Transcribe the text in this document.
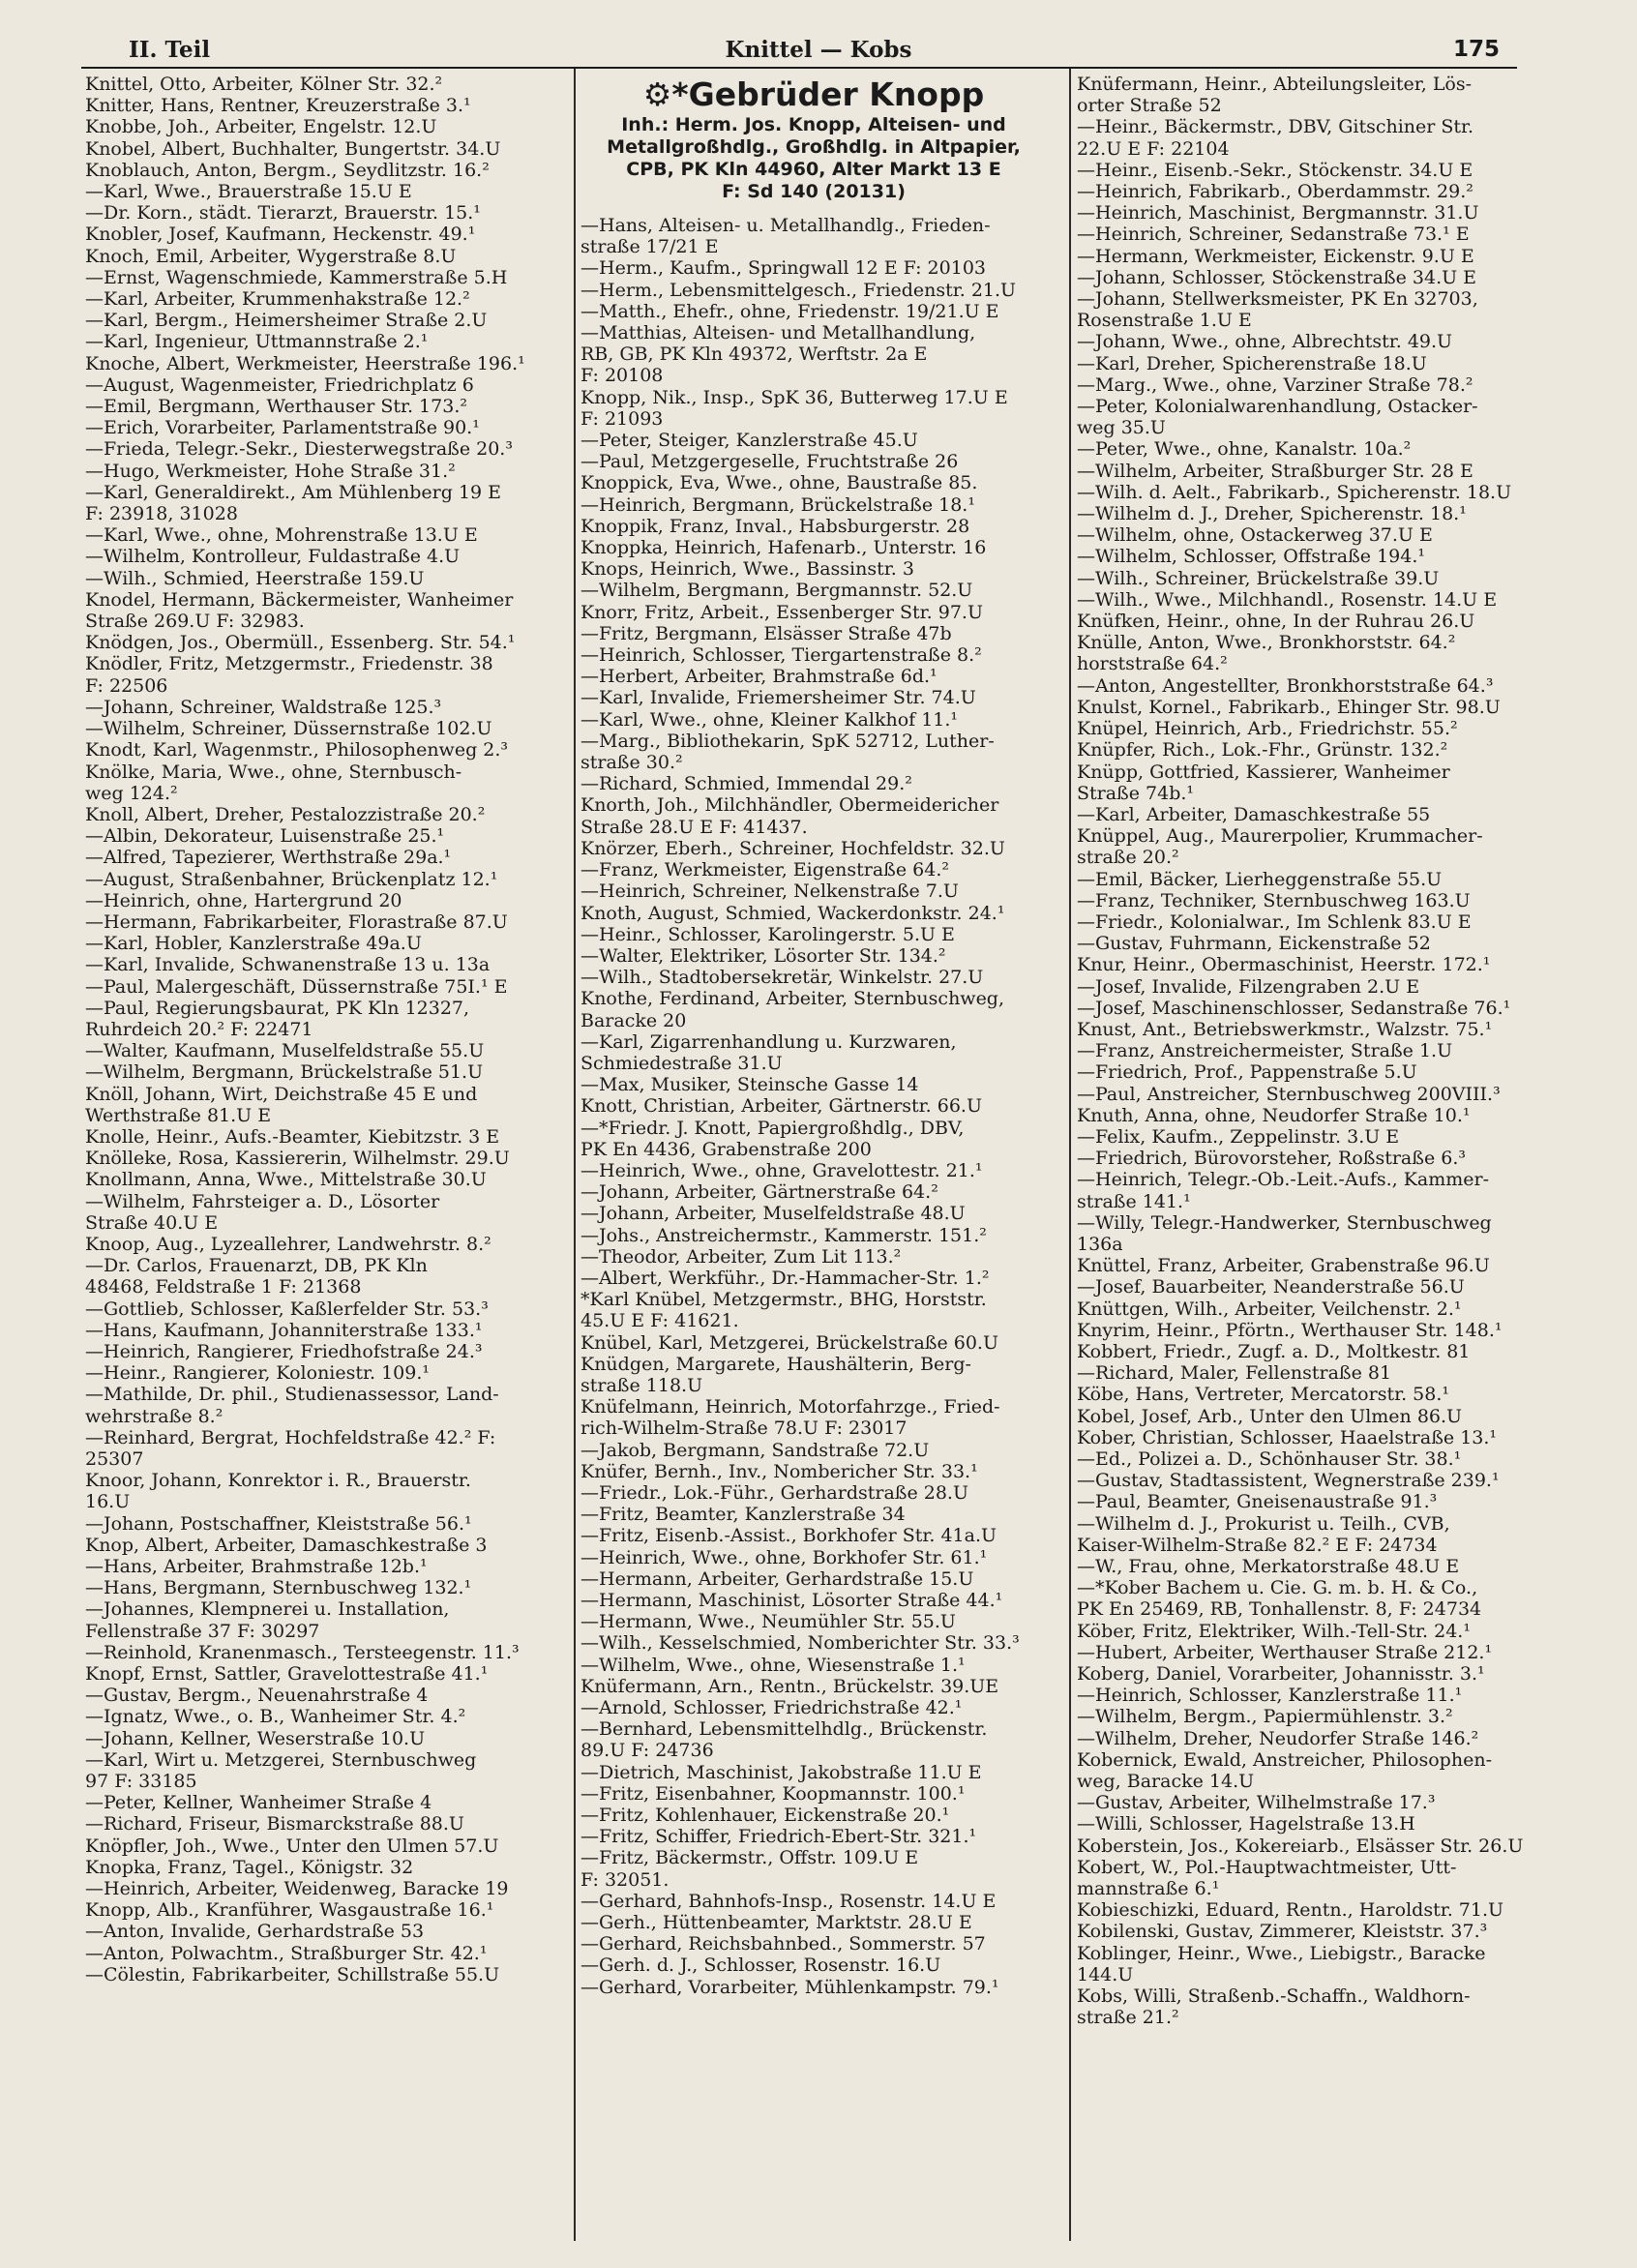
II. Teil	Knittel — Kobs	175
Knittel, Otto, Arbeiter, Kölner Str. 32.²
Knitter, Hans, Rentner, Kreuzerstraße 3.¹
Knobbe, Joh., Arbeiter, Engelstr. 12.U
Knobel, Albert, Buchhalter, Bungertstr. 34.U
Knoblauch, Anton, Bergm., Seydlitzstr. 16.²
—Karl, Wwe., Brauerstraße 15.U E
—Dr. Korn., städt. Tierarzt, Brauerstr. 15.¹
Knobler, Josef, Kaufmann, Heckenstr. 49.¹
Knoch, Emil, Arbeiter, Wygerstraße 8.U
—Ernst, Wagenschmiede, Kammerstraße 5.H
—Karl, Arbeiter, Krummenhakstraße 12.²
—Karl, Bergm., Heimersheimer Straße 2.U
—Karl, Ingenieur, Uttmannstraße 2.¹
Knoche, Albert, Werkmeister, Heerstraße 196.¹
—August, Wagenmeister, Friedrichplatz 6
—Emil, Bergmann, Werthauser Str. 173.²
—Erich, Vorarbeiter, Parlamentstraße 90.¹
—Frieda, Telegr.-Sekr., Diesterwegstraße 20.³
—Hugo, Werkmeister, Hohe Straße 31.²
—Karl, Generaldirekt., Am Mühlenberg 19 E
F: 23918, 31028
—Karl, Wwe., ohne, Mohrenstraße 13.U E
—Wilhelm, Kontrolleur, Fuldastraße 4.U
—Wilh., Schmied, Heerstraße 159.U
Knodel, Hermann, Bäckermeister, Wanheimer
Straße 269.U F: 32983.
Knödgen, Jos., Obermüll., Essenberg. Str. 54.¹
Knödler, Fritz, Metzgermstr., Friedenstr. 38
F: 22506
—Johann, Schreiner, Waldstraße 125.³
—Wilhelm, Schreiner, Düssernstraße 102.U
Knodt, Karl, Wagenmstr., Philosophenweg 2.³
Knölke, Maria, Wwe., ohne, Sternbusch-
weg 124.²
Knoll, Albert, Dreher, Pestalozzistraße 20.²
—Albin, Dekorateur, Luisenstraße 25.¹
—Alfred, Tapezierer, Werthstraße 29a.¹
—August, Straßenbahner, Brückenplatz 12.¹
—Heinrich, ohne, Hartergrund 20
—Hermann, Fabrikarbeiter, Florastraße 87.U
—Karl, Hobler, Kanzlerstraße 49a.U
—Karl, Invalide, Schwanenstraße 13 u. 13a
—Paul, Malergeschäft, Düssernstraße 75I.¹ E
—Paul, Regierungsbaurat, PK Kln 12327,
Ruhrdeich 20.² F: 22471
—Walter, Kaufmann, Muselfeldstraße 55.U
—Wilhelm, Bergmann, Brückelstraße 51.U
Knöll, Johann, Wirt, Deichstraße 45 E und
Werthstraße 81.U E
Knolle, Heinr., Aufs.-Beamter, Kiebitzstr. 3 E
Knölleke, Rosa, Kassiererin, Wilhelmstr. 29.U
Knollmann, Anna, Wwe., Mittelstraße 30.U
—Wilhelm, Fahrsteiger a. D., Lösorter
Straße 40.U E
Knoop, Aug., Lyzeallehrer, Landwehrstr. 8.²
—Dr. Carlos, Frauenarzt, DB, PK Kln
48468, Feldstraße 1 F: 21368
—Gottlieb, Schlosser, Kaßlerfelder Str. 53.³
—Hans, Kaufmann, Johanniterstraße 133.¹
—Heinrich, Rangierer, Friedhofstraße 24.³
—Heinr., Rangierer, Koloniestr. 109.¹
—Mathilde, Dr. phil., Studienassessor, Land-
wehrstraße 8.²
—Reinhard, Bergrat, Hochfeldstraße 42.² F:
25307
Knoor, Johann, Konrektor i. R., Brauerstr.
16.U
—Johann, Postschaffner, Kleiststraße 56.¹
Knop, Albert, Arbeiter, Damaschkestraße 3
—Hans, Arbeiter, Brahmstraße 12b.¹
—Hans, Bergmann, Sternbuschweg 132.¹
—Johannes, Klempnerei u. Installation,
Fellenstraße 37 F: 30297
—Reinhold, Kranenmasch., Tersteegenstr. 11.³
Knopf, Ernst, Sattler, Gravelottestraße 41.¹
—Gustav, Bergm., Neuenahrstraße 4
—Ignatz, Wwe., o. B., Wanheimer Str. 4.²
—Johann, Kellner, Weserstraße 10.U
—Karl, Wirt u. Metzgerei, Sternbuschweg
97 F: 33185
—Peter, Kellner, Wanheimer Straße 4
—Richard, Friseur, Bismarckstraße 88.U
Knöpfler, Joh., Wwe., Unter den Ulmen 57.U
Knopka, Franz, Tagel., Königstr. 32
—Heinrich, Arbeiter, Weidenweg, Baracke 19
Knopp, Alb., Kranführer, Wasgaustraße 16.¹
—Anton, Invalide, Gerhardstraße 53
—Anton, Polwachtm., Straßburger Str. 42.¹
—Cölestin, Fabrikarbeiter, Schillstraße 55.U
⚙*Gebrüder Knopp
Inh.: Herm. Jos. Knopp, Alteisen- und
Metallgroßhdlg., Großhdlg. in Altpapier,
CPB, PK Kln 44960, Alter Markt 13 E
F: Sd 140 (20131)
—Hans, Alteisen- u. Metallhandlg., Frieden-
straße 17/21 E
—Herm., Kaufm., Springwall 12 E F: 20103
—Herm., Lebensmittelgesch., Friedenstr. 21.U
—Matth., Ehefr., ohne, Friedenstr. 19/21.U E
—Matthias, Alteisen- und Metallhandlung,
RB, GB, PK Kln 49372, Werftstr. 2a E
F: 20108
Knopp, Nik., Insp., SpK 36, Butterweg 17.U E
F: 21093
—Peter, Steiger, Kanzlerstraße 45.U
—Paul, Metzgergeselle, Fruchtstraße 26
Knoppick, Eva, Wwe., ohne, Baustraße 85.
—Heinrich, Bergmann, Brückelstraße 18.¹
Knoppik, Franz, Inval., Habsburgerstr. 28
Knoppka, Heinrich, Hafenarb., Unterstr. 16
Knops, Heinrich, Wwe., Bassinstr. 3
—Wilhelm, Bergmann, Bergmannstr. 52.U
Knorr, Fritz, Arbeit., Essenberger Str. 97.U
—Fritz, Bergmann, Elsässer Straße 47b
—Heinrich, Schlosser, Tiergartenstraße 8.²
—Herbert, Arbeiter, Brahmstraße 6d.¹
—Karl, Invalide, Friemersheimer Str. 74.U
—Karl, Wwe., ohne, Kleiner Kalkhof 11.¹
—Marg., Bibliothekarin, SpK 52712, Luther-
straße 30.²
—Richard, Schmied, Immendal 29.²
Knorth, Joh., Milchhändler, Obermeidericher
Straße 28.U E F: 41437.
Knörzer, Eberh., Schreiner, Hochfeldstr. 32.U
—Franz, Werkmeister, Eigenstraße 64.²
—Heinrich, Schreiner, Nelkenstraße 7.U
Knoth, August, Schmied, Wackerdonkstr. 24.¹
—Heinr., Schlosser, Karolingerstr. 5.U E
—Walter, Elektriker, Lösorter Str. 134.²
—Wilh., Stadtobersekretär, Winkelstr. 27.U
Knothe, Ferdinand, Arbeiter, Sternbuschweg,
Baracke 20
—Karl, Zigarrenhandlung u. Kurzwaren,
Schmiedestraße 31.U
—Max, Musiker, Steinsche Gasse 14
Knott, Christian, Arbeiter, Gärtnerstr. 66.U
—*Friedr. J. Knott, Papiergroßhdlg., DBV,
PK En 4436, Grabenstraße 200
—Heinrich, Wwe., ohne, Gravelottestr. 21.¹
—Johann, Arbeiter, Gärtnerstraße 64.²
—Johann, Arbeiter, Muselfeldstraße 48.U
—Johs., Anstreichermstr., Kammerstr. 151.²
—Theodor, Arbeiter, Zum Lit 113.²
—Albert, Werkführ., Dr.-Hammacher-Str. 1.²
*Karl Knübel, Metzgermstr., BHG, Horststr.
45.U E F: 41621.
Knübel, Karl, Metzgerei, Brückelstraße 60.U
Knüdgen, Margarete, Haushälterin, Berg-
straße 118.U
Knüfelmann, Heinrich, Motorfahrzge., Fried-
rich-Wilhelm-Straße 78.U F: 23017
—Jakob, Bergmann, Sandstraße 72.U
Knüfer, Bernh., Inv., Nombericher Str. 33.¹
—Friedr., Lok.-Führ., Gerhardstraße 28.U
—Fritz, Beamter, Kanzlerstraße 34
—Fritz, Eisenb.-Assist., Borkhofer Str. 41a.U
—Heinrich, Wwe., ohne, Borkhofer Str. 61.¹
—Hermann, Arbeiter, Gerhardstraße 15.U
—Hermann, Maschinist, Lösorter Straße 44.¹
—Hermann, Wwe., Neumühler Str. 55.U
—Wilh., Kesselschmied, Nomberichter Str. 33.³
—Wilhelm, Wwe., ohne, Wiesenstraße 1.¹
Knüfermann, Arn., Rentn., Brückelstr. 39.UE
—Arnold, Schlosser, Friedrichstraße 42.¹
—Bernhard, Lebensmittelhdlg., Brückenstr.
89.U F: 24736
—Dietrich, Maschinist, Jakobstraße 11.U E
—Fritz, Eisenbahner, Koopmannstr. 100.¹
—Fritz, Kohlenhauer, Eickenstraße 20.¹
—Fritz, Schiffer, Friedrich-Ebert-Str. 321.¹
—Fritz, Bäckermstr., Offstr. 109.U E
F: 32051.
—Gerhard, Bahnhofs-Insp., Rosenstr. 14.U E
—Gerh., Hüttenbeamter, Marktstr. 28.U E
—Gerhard, Reichsbahnbed., Sommerstr. 57
—Gerh. d. J., Schlosser, Rosenstr. 16.U
—Gerhard, Vorarbeiter, Mühlenkampstr. 79.¹
Knüfermann, Heinr., Abteilungsleiter, Lös-
orter Straße 52
—Heinr., Bäckermstr., DBV, Gitschiner Str.
22.U E F: 22104
—Heinr., Eisenb.-Sekr., Stöckenstr. 34.U E
—Heinrich, Fabrikarb., Oberdammstr. 29.²
—Heinrich, Maschinist, Bergmannstr. 31.U
—Heinrich, Schreiner, Sedanstraße 73.¹ E
—Hermann, Werkmeister, Eickenstr. 9.U E
—Johann, Schlosser, Stöckenstraße 34.U E
—Johann, Stellwerksmeister, PK En 32703,
Rosenstraße 1.U E
—Johann, Wwe., ohne, Albrechtstr. 49.U
—Karl, Dreher, Spicherenstraße 18.U
—Marg., Wwe., ohne, Varziner Straße 78.²
—Peter, Kolonialwarenhandlung, Ostacker-
weg 35.U
—Peter, Wwe., ohne, Kanalstr. 10a.²
—Wilhelm, Arbeiter, Straßburger Str. 28 E
—Wilh. d. Aelt., Fabrikarb., Spicherenstr. 18.U
—Wilhelm d. J., Dreher, Spicherenstr. 18.¹
—Wilhelm, ohne, Ostackerweg 37.U E
—Wilhelm, Schlosser, Offstraße 194.¹
—Wilh., Schreiner, Brückelstraße 39.U
—Wilh., Wwe., Milchhandl., Rosenstr. 14.U E
Knüfken, Heinr., ohne, In der Ruhrau 26.U
Knülle, Anton, Wwe., Bronkhorststr. 64.²
horststraße 64.²
—Anton, Angestellter, Bronkhorststraße 64.³
Knulst, Kornel., Fabrikarb., Ehinger Str. 98.U
Knüpel, Heinrich, Arb., Friedrichstr. 55.²
Knüpfer, Rich., Lok.-Fhr., Grünstr. 132.²
Knüpp, Gottfried, Kassierer, Wanheimer
Straße 74b.¹
—Karl, Arbeiter, Damaschkestraße 55
Knüppel, Aug., Maurerpolier, Krummacher-
straße 20.²
—Emil, Bäcker, Lierheggenstraße 55.U
—Franz, Techniker, Sternbuschweg 163.U
—Friedr., Kolonialwar., Im Schlenk 83.U E
—Gustav, Fuhrmann, Eickenstraße 52
Knur, Heinr., Obermaschinist, Heerstr. 172.¹
—Josef, Invalide, Filzengraben 2.U E
—Josef, Maschinenschlosser, Sedanstraße 76.¹
Knust, Ant., Betriebswerkmstr., Walzstr. 75.¹
—Franz, Anstreichermeister, Straße 1.U
—Friedrich, Prof., Pappenstraße 5.U
—Paul, Anstreicher, Sternbuschweg 200VIII.³
Knuth, Anna, ohne, Neudorfer Straße 10.¹
—Felix, Kaufm., Zeppelinstr. 3.U E
—Friedrich, Bürovorsteher, Roßstraße 6.³
—Heinrich, Telegr.-Ob.-Leit.-Aufs., Kammer-
straße 141.¹
—Willy, Telegr.-Handwerker, Sternbuschweg
136a
Knüttel, Franz, Arbeiter, Grabenstraße 96.U
—Josef, Bauarbeiter, Neanderstraße 56.U
Knüttgen, Wilh., Arbeiter, Veilchenstr. 2.¹
Knyrim, Heinr., Pförtn., Werthauser Str. 148.¹
Kobbert, Friedr., Zugf. a. D., Moltkestr. 81
—Richard, Maler, Fellenstraße 81
Köbe, Hans, Vertreter, Mercatorstr. 58.¹
Kobel, Josef, Arb., Unter den Ulmen 86.U
Kober, Christian, Schlosser, Haaelstraße 13.¹
—Ed., Polizei a. D., Schönhauser Str. 38.¹
—Gustav, Stadtassistent, Wegnerstraße 239.¹
—Paul, Beamter, Gneisenaustraße 91.³
—Wilhelm d. J., Prokurist u. Teilh., CVB,
Kaiser-Wilhelm-Straße 82.² E F: 24734
—W., Frau, ohne, Merkatorstraße 48.U E
—*Kober Bachem u. Cie. G. m. b. H. & Co.,
PK En 25469, RB, Tonhallenstr. 8, F: 24734
Köber, Fritz, Elektriker, Wilh.-Tell-Str. 24.¹
—Hubert, Arbeiter, Werthauser Straße 212.¹
Koberg, Daniel, Vorarbeiter, Johannisstr. 3.¹
—Heinrich, Schlosser, Kanzlerstraße 11.¹
—Wilhelm, Bergm., Papiermühlenstr. 3.²
—Wilhelm, Dreher, Neudorfer Straße 146.²
Kobernick, Ewald, Anstreicher, Philosophen-
weg, Baracke 14.U
—Gustav, Arbeiter, Wilhelmstraße 17.³
—Willi, Schlosser, Hagelstraße 13.H
Koberstein, Jos., Kokereiarb., Elsässer Str. 26.U
Kobert, W., Pol.-Hauptwachtmeister, Utt-
mannstraße 6.¹
Kobieschizki, Eduard, Rentn., Haroldstr. 71.U
Kobilenski, Gustav, Zimmerer, Kleiststr. 37.³
Koblinger, Heinr., Wwe., Liebigstr., Baracke
144.U
Kobs, Willi, Straßenb.-Schaffn., Waldhorn-
straße 21.²
